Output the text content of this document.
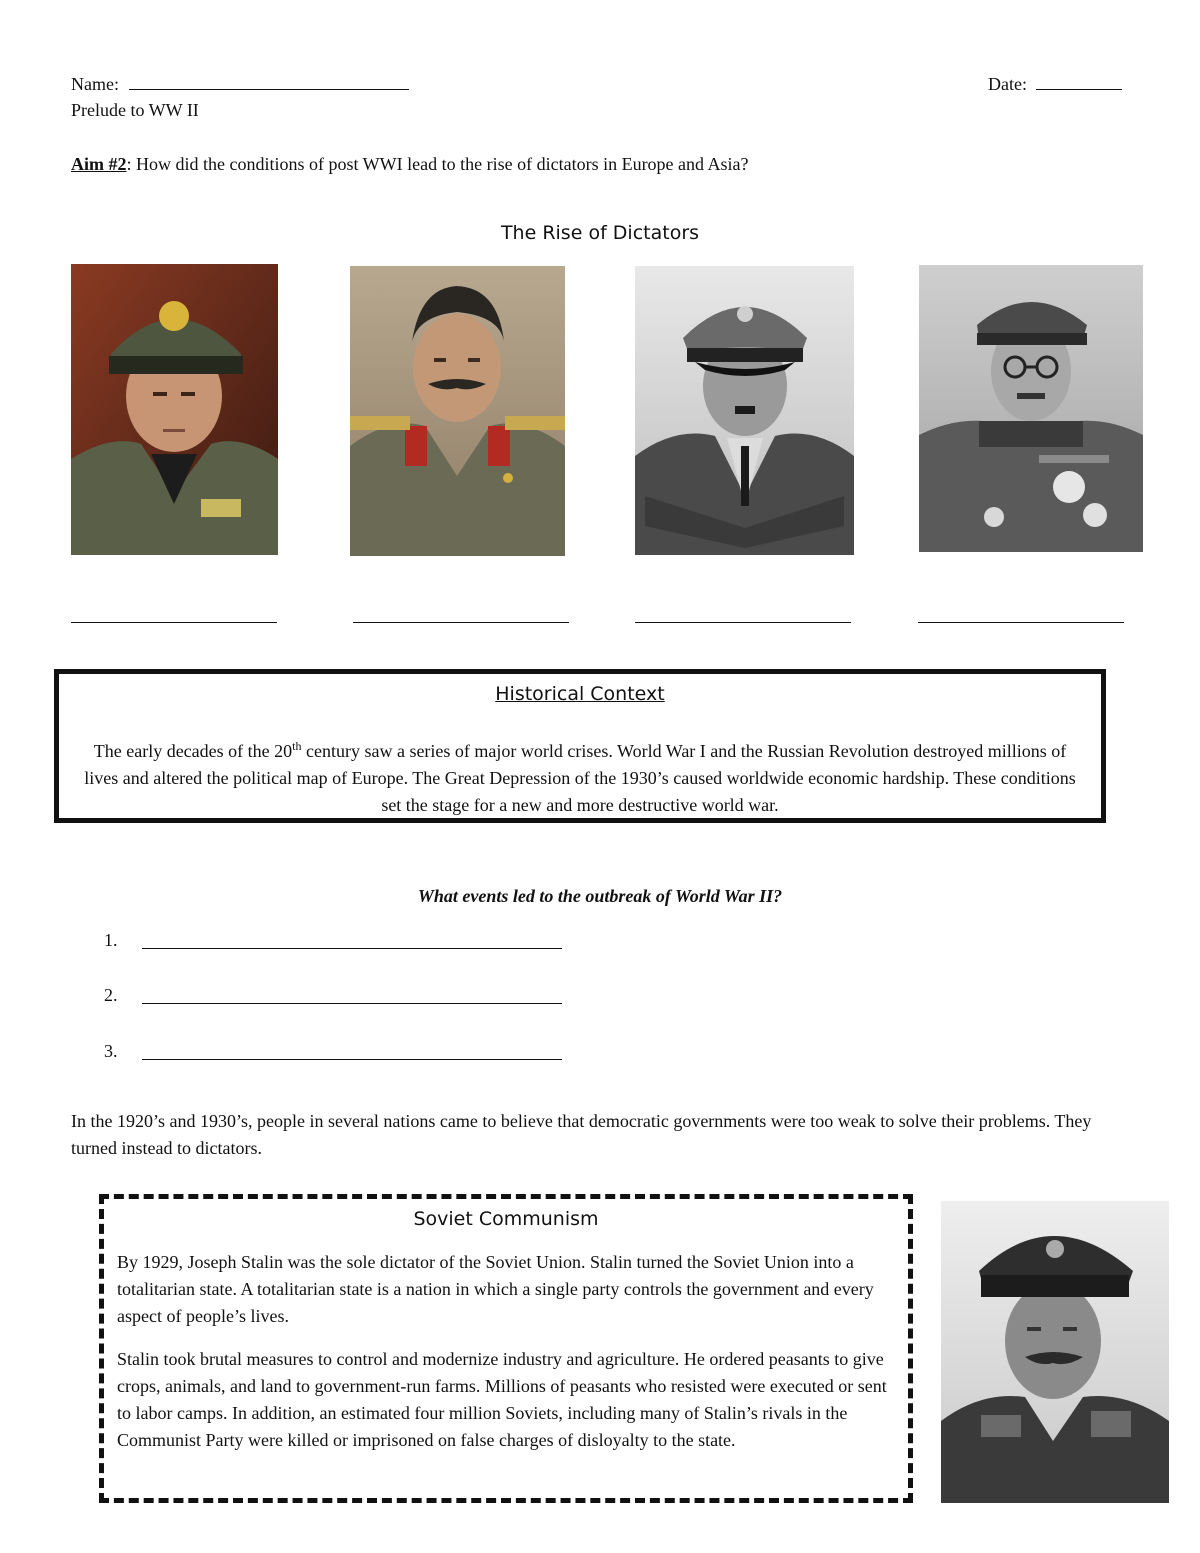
Name:	Date:
Prelude to WW II
Aim #2: How did the conditions of post WWI lead to the rise of dictators in Europe and Asia?
The Rise of Dictators
Historical Context
The early decades of the 20th century saw a series of major world crises. World War I and the Russian Revolution destroyed millions of lives and altered the political map of Europe. The Great Depression of the 1930’s caused worldwide economic hardship. These conditions set the stage for a new and more destructive world war.
What events led to the outbreak of World War II?
1.
2.
3.
In the 1920’s and 1930’s, people in several nations came to believe that democratic governments were too weak to solve their problems. They turned instead to dictators.
Soviet Communism

By 1929, Joseph Stalin was the sole dictator of the Soviet Union. Stalin turned the Soviet Union into a totalitarian state. A totalitarian state is a nation in which a single party controls the government and every aspect of people’s lives.

Stalin took brutal measures to control and modernize industry and agriculture. He ordered peasants to give crops, animals, and land to government-run farms. Millions of peasants who resisted were executed or sent to labor camps. In addition, an estimated four million Soviets, including many of Stalin’s rivals in the Communist Party were killed or imprisoned on false charges of disloyalty to the state.
